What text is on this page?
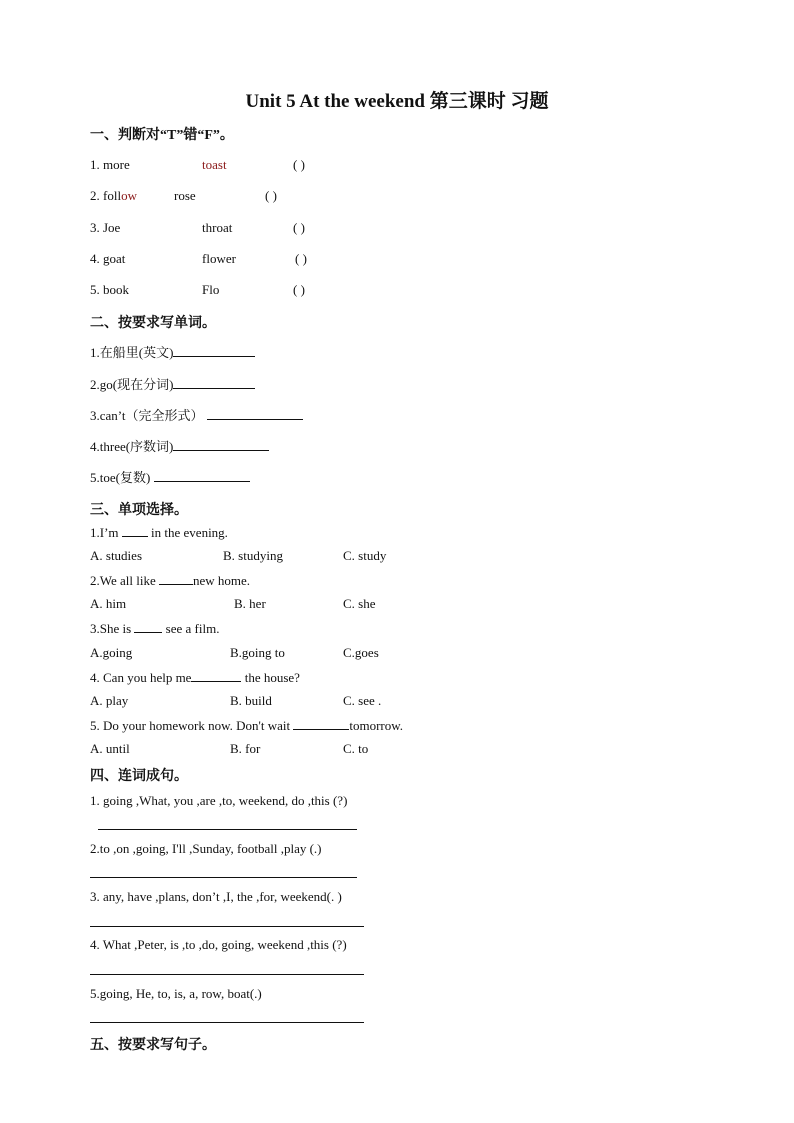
Unit 5 At the weekend 第三课时 习题
一、判断对“T”错“F”。
1. more	toast	( )
2. follow	rose	( )
3. Joe	throat	( )
4. goat	flower	( )
5. book	Flo	( )
二、按要求写单词。
1.在船里(英文)
2.go(现在分词)
3.can’t（完全形式）
4.three(序数词)
5.toe(复数)
三、单项选择。
1.I’m	in the evening.
A. studies	B. studying	C. study
2.We all like	new home.
A. him	B. her	C. she
3.She is	see a film.
A.going	B.going to	C.goes
4. Can you help me	the house?
A. play	B. build	C. see .
5. Do your homework now. Don't wait	tomorrow.
A. until	B. for	C. to
四、连词成句。
1. going ,What, you ,are ,to, weekend, do ,this (?)
2.to ,on ,going, I'll ,Sunday, football ,play (.)
3. any, have ,plans, don’t ,I, the ,for, weekend(. )
4. What ,Peter, is ,to ,do, going, weekend ,this (?)
5.going, He, to, is, a, row, boat(.)
五、按要求写句子。
